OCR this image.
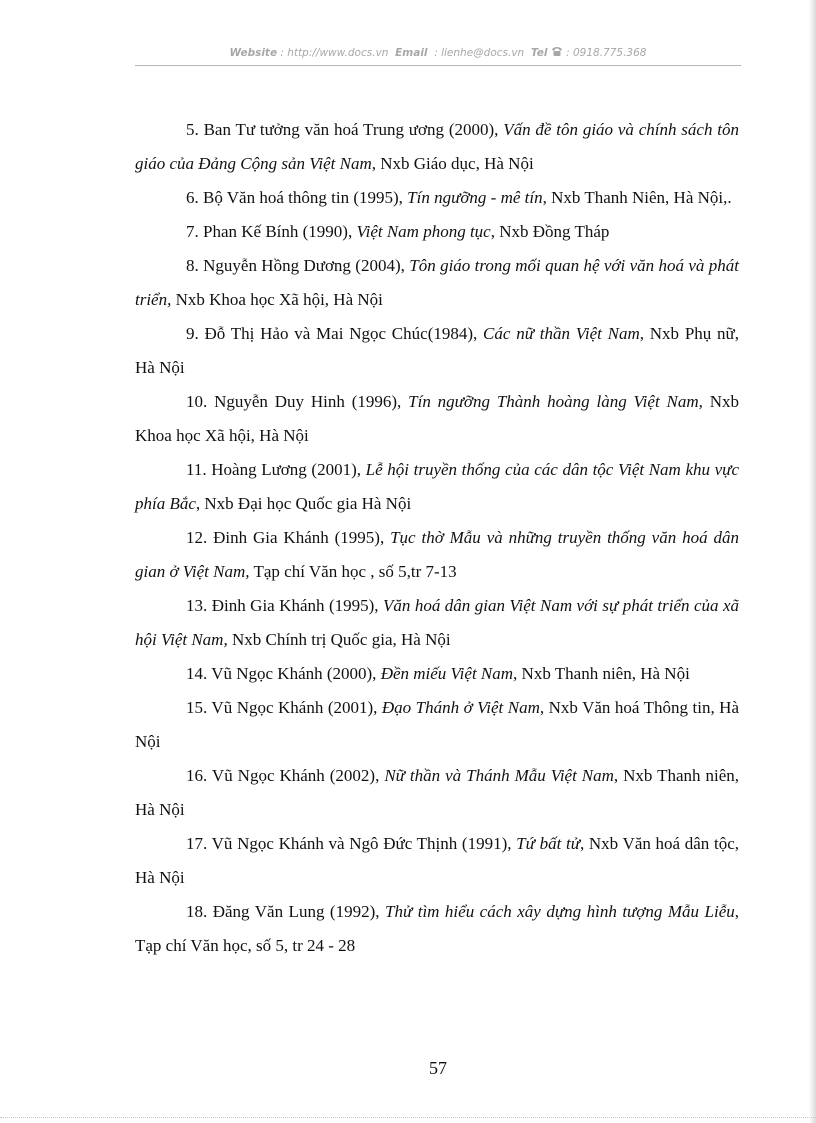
Website : http://www.docs.vn Email : lienhe@docs.vn Tel : 0918.775.368

5. Ban Tư tưởng văn hoá Trung ương (2000), Vấn đề tôn giáo và chính sách tôn giáo của Đảng Cộng sản Việt Nam, Nxb Giáo dục, Hà Nội

6. Bộ Văn hoá thông tin (1995), Tín ngưỡng - mê tín, Nxb Thanh Niên, Hà Nội,.

7. Phan Kế Bính (1990), Việt Nam phong tục, Nxb Đồng Tháp

8. Nguyễn Hồng Dương (2004), Tôn giáo trong mối quan hệ với văn hoá và phát triển, Nxb Khoa học Xã hội, Hà Nội

9. Đỗ Thị Hảo và Mai Ngọc Chúc(1984), Các nữ thần Việt Nam, Nxb Phụ nữ, Hà Nội

10. Nguyễn Duy Hinh (1996), Tín ngưỡng Thành hoàng làng Việt Nam, Nxb Khoa học Xã hội, Hà Nội

11. Hoàng Lương (2001), Lễ hội truyền thống của các dân tộc Việt Nam khu vực phía Bắc, Nxb Đại học Quốc gia Hà Nội

12. Đinh Gia Khánh (1995), Tục thờ Mẫu và những truyền thống văn hoá dân gian ở Việt Nam, Tạp chí Văn học , số 5,tr 7-13

13. Đinh Gia Khánh (1995), Văn hoá dân gian Việt Nam với sự phát triển của xã hội Việt Nam, Nxb Chính trị Quốc gia, Hà Nội

14. Vũ Ngọc Khánh (2000), Đền miếu Việt Nam, Nxb Thanh niên, Hà Nội

15. Vũ Ngọc Khánh (2001), Đạo Thánh ở Việt Nam, Nxb Văn hoá Thông tin, Hà Nội

16. Vũ Ngọc Khánh (2002), Nữ thần và Thánh Mẫu Việt Nam, Nxb Thanh niên, Hà Nội

17. Vũ Ngọc Khánh và Ngô Đức Thịnh (1991), Tứ bất tử, Nxb Văn hoá dân tộc, Hà Nội

18. Đăng Văn Lung (1992), Thử tìm hiểu cách xây dựng hình tượng Mẫu Liễu, Tạp chí Văn học, số 5, tr 24 - 28

57
